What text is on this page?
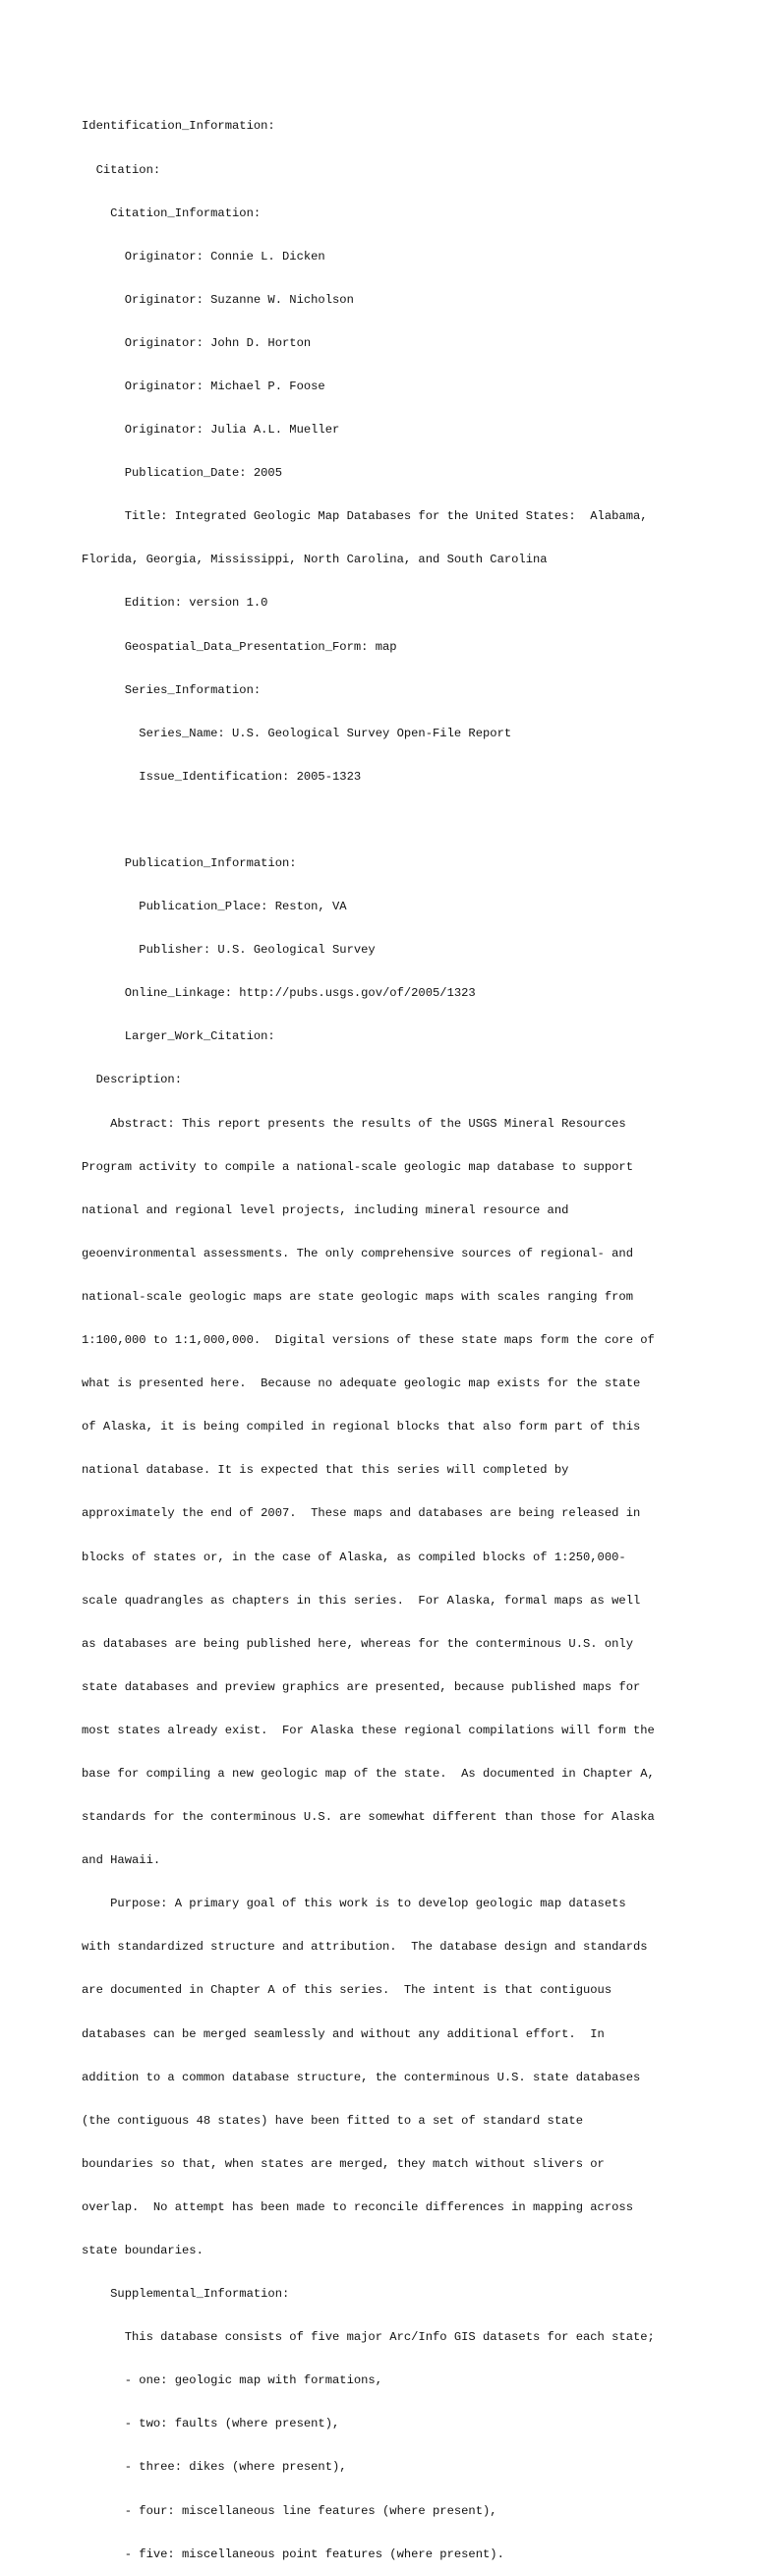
Identification_Information:

Citation:

Citation_Information:

Originator: Connie L. Dicken

Originator: Suzanne W. Nicholson

Originator: John D. Horton

Originator: Michael P. Foose

Originator: Julia A.L. Mueller

Publication_Date: 2005

Title: Integrated Geologic Map Databases for the United States:  Alabama,

Florida, Georgia, Mississippi, North Carolina, and South Carolina

Edition: version 1.0

Geospatial_Data_Presentation_Form: map

Series_Information:

Series_Name: U.S. Geological Survey Open-File Report

Issue_Identification: 2005-1323

Publication_Information:

Publication_Place: Reston, VA

Publisher: U.S. Geological Survey

Online_Linkage: http://pubs.usgs.gov/of/2005/1323

Larger_Work_Citation:

Description:

Abstract: This report presents the results of the USGS Mineral Resources

Program activity to compile a national-scale geologic map database to support

national and regional level projects, including mineral resource and

geoenvironmental assessments. The only comprehensive sources of regional- and

national-scale geologic maps are state geologic maps with scales ranging from

1:100,000 to 1:1,000,000.  Digital versions of these state maps form the core of

what is presented here.  Because no adequate geologic map exists for the state

of Alaska, it is being compiled in regional blocks that also form part of this

national database. It is expected that this series will completed by

approximately the end of 2007.  These maps and databases are being released in

blocks of states or, in the case of Alaska, as compiled blocks of 1:250,000-

scale quadrangles as chapters in this series.  For Alaska, formal maps as well

as databases are being published here, whereas for the conterminous U.S. only

state databases and preview graphics are presented, because published maps for

most states already exist.  For Alaska these regional compilations will form the

base for compiling a new geologic map of the state.  As documented in Chapter A,

standards for the conterminous U.S. are somewhat different than those for Alaska

and Hawaii.

Purpose: A primary goal of this work is to develop geologic map datasets

with standardized structure and attribution.  The database design and standards

are documented in Chapter A of this series.  The intent is that contiguous

databases can be merged seamlessly and without any additional effort.  In

addition to a common database structure, the conterminous U.S. state databases

(the contiguous 48 states) have been fitted to a set of standard state

boundaries so that, when states are merged, they match without slivers or

overlap.  No attempt has been made to reconcile differences in mapping across

state boundaries.

Supplemental_Information:

This database consists of five major Arc/Info GIS datasets for each state;

- one: geologic map with formations,

- two: faults (where present),

- three: dikes (where present),

- four: miscellaneous line features (where present),

- five: miscellaneous point features (where present).
